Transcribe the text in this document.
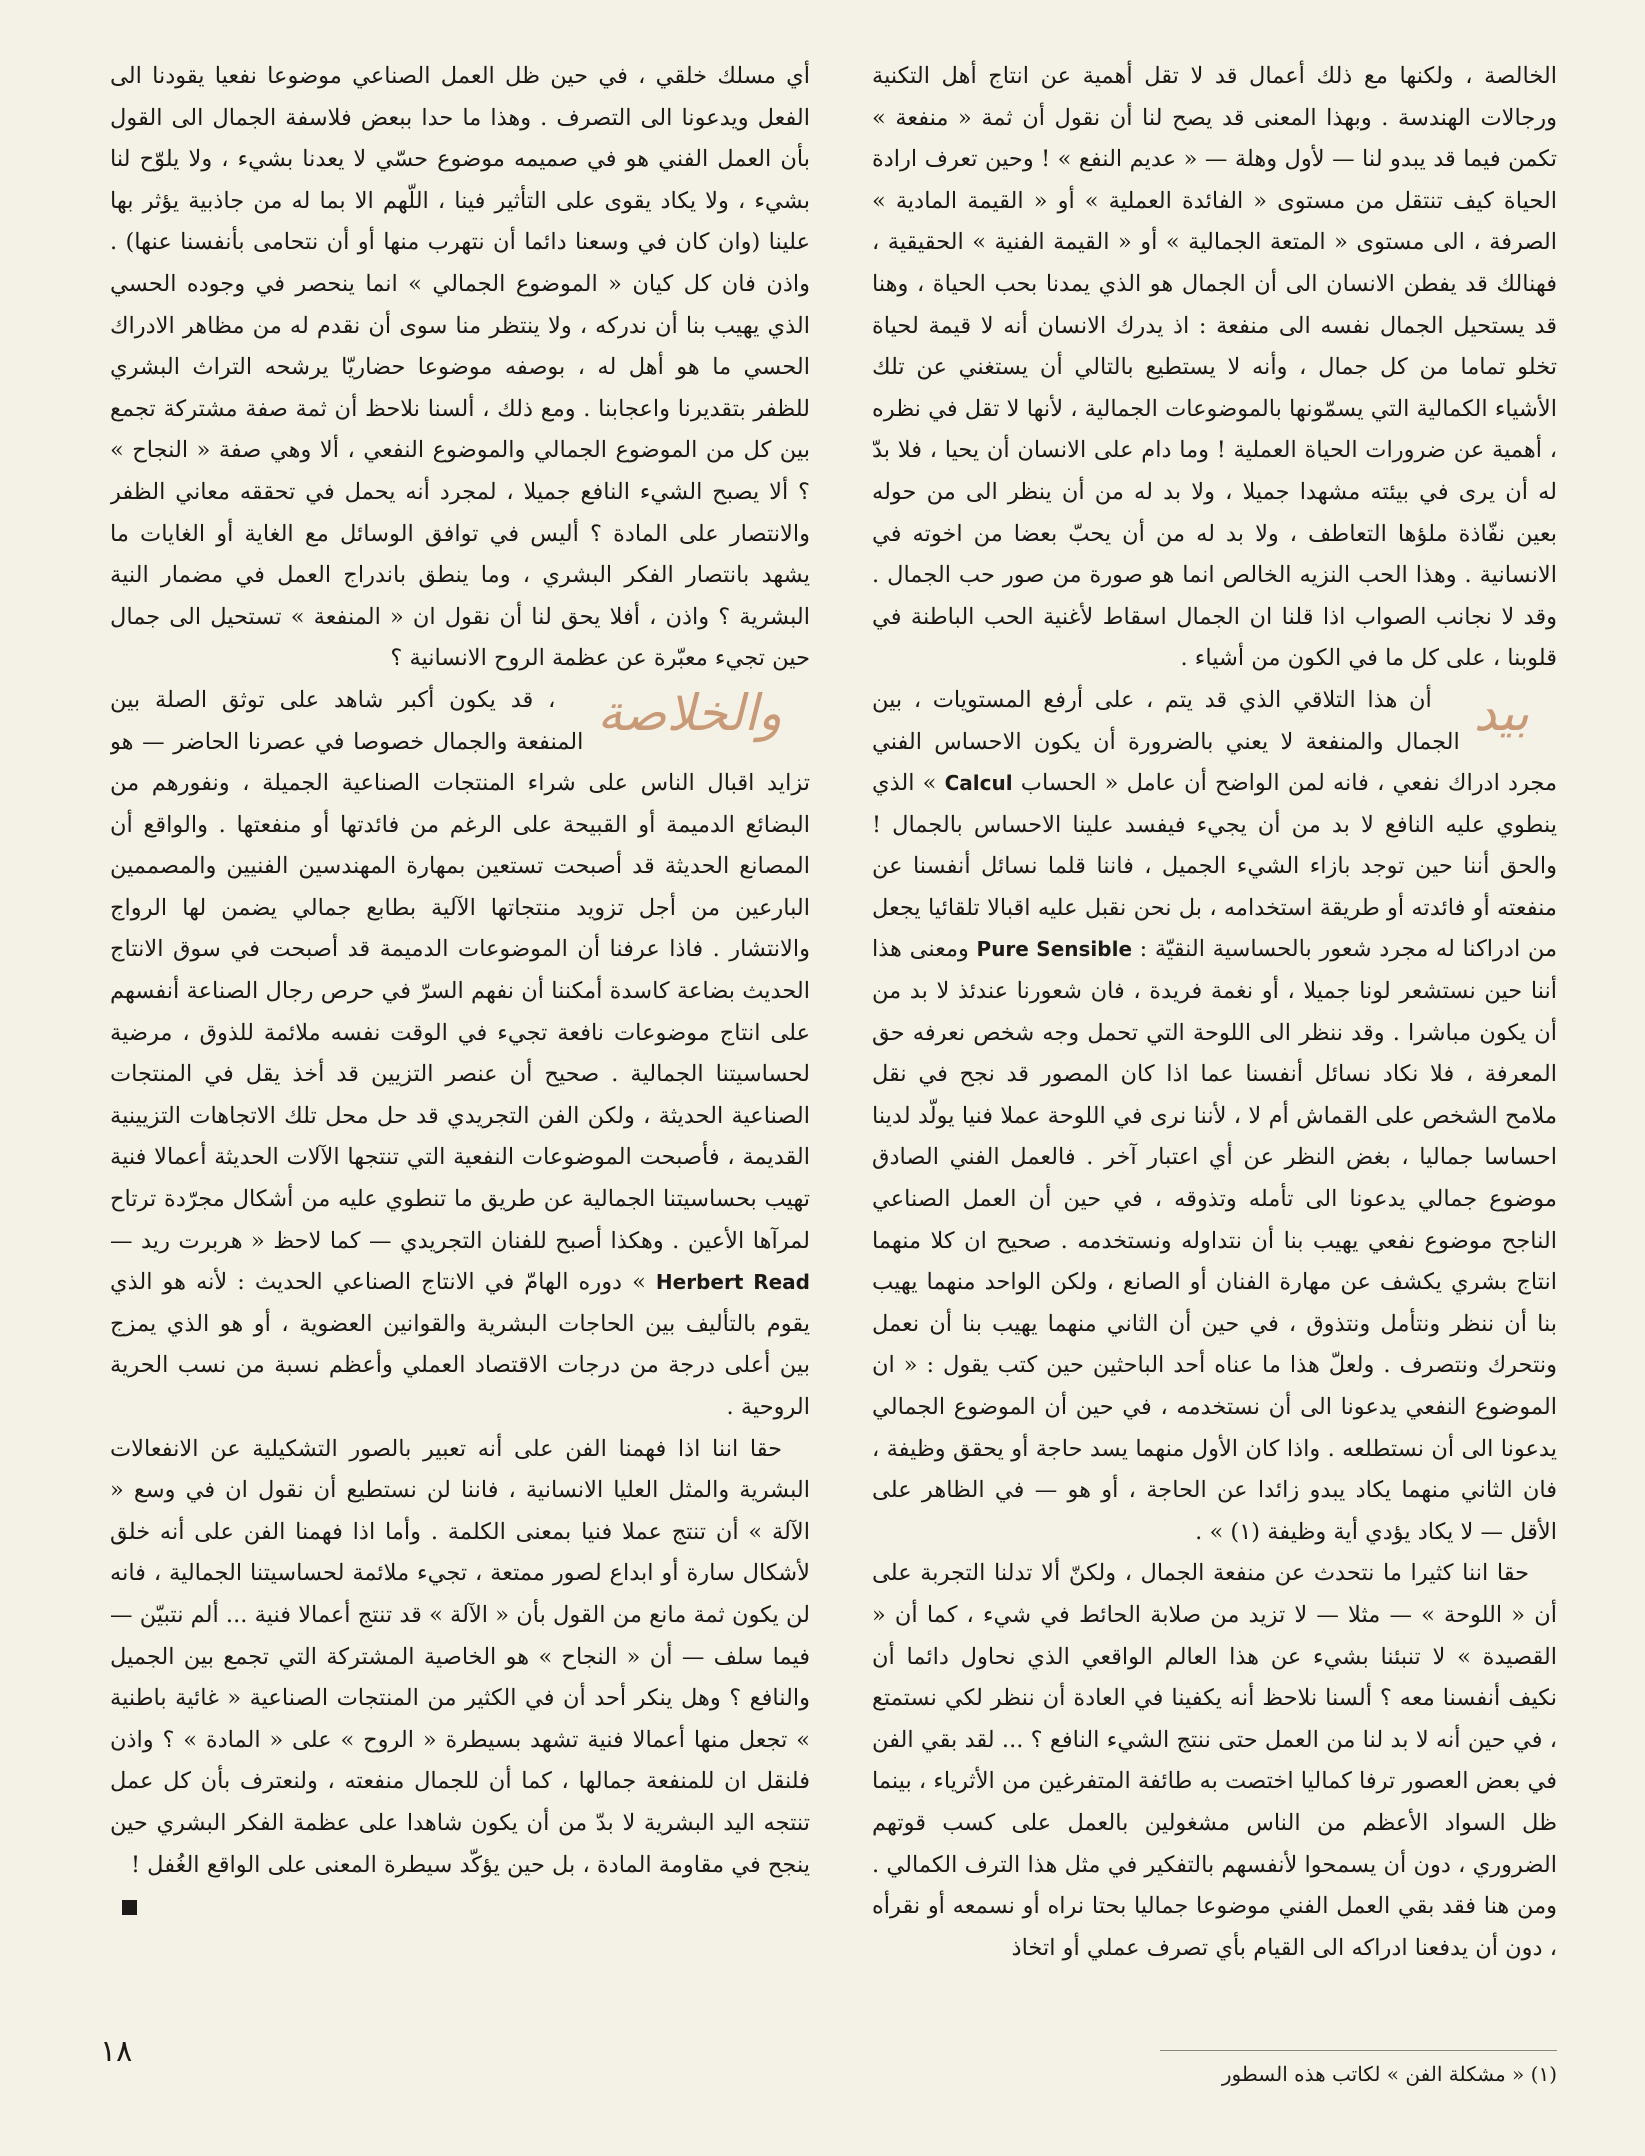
الخالصة ، ولكنها مع ذلك أعمال قد لا تقل أهمية عن انتاج أهل التكنية ورجالات الهندسة . وبهذا المعنى قد يصح لنا أن نقول أن ثمة « منفعة » تكمن فيما قد يبدو لنا — لأول وهلة — « عديم النفع » ! وحين تعرف ارادة الحياة كيف تنتقل من مستوى « الفائدة العملية » أو « القيمة المادية » الصرفة ، الى مستوى « المتعة الجمالية » أو « القيمة الفنية » الحقيقية ، فهنالك قد يفطن الانسان الى أن الجمال هو الذي يمدنا بحب الحياة ، وهنا قد يستحيل الجمال نفسه الى منفعة : اذ يدرك الانسان أنه لا قيمة لحياة تخلو تماما من كل جمال ، وأنه لا يستطيع بالتالي أن يستغني عن تلك الأشياء الكمالية التي يسمّونها بالموضوعات الجمالية ، لأنها لا تقل في نظره ، أهمية عن ضرورات الحياة العملية ! وما دام على الانسان أن يحيا ، فلا بدّ له أن يرى في بيئته مشهدا جميلا ، ولا بد له من أن ينظر الى من حوله بعين نفّاذة ملؤها التعاطف ، ولا بد له من أن يحبّ بعضا من اخوته في الانسانية . وهذا الحب النزيه الخالص انما هو صورة من صور حب الجمال . وقد لا نجانب الصواب اذا قلنا ان الجمال اسقاط لأغنية الحب الباطنة في قلوبنا ، على كل ما في الكون من أشياء .

بيد
أن هذا التلاقي الذي قد يتم ، على أرفع المستويات ، بين الجمال والمنفعة لا يعني بالضرورة أن يكون الاحساس الفني مجرد ادراك نفعي ، فانه لمن الواضح أن عامل « الحساب Calcul » الذي ينطوي عليه النافع لا بد من أن يجيء فيفسد علينا الاحساس بالجمال ! والحق أننا حين توجد بازاء الشيء الجميل ، فاننا قلما نسائل أنفسنا عن منفعته أو فائدته أو طريقة استخدامه ، بل نحن نقبل عليه اقبالا تلقائيا يجعل من ادراكنا له مجرد شعور بالحساسية النقيّة : Pure Sensible ومعنى هذا أننا حين نستشعر لونا جميلا ، أو نغمة فريدة ، فان شعورنا عندئذ لا بد من أن يكون مباشرا . وقد ننظر الى اللوحة التي تحمل وجه شخص نعرفه حق المعرفة ، فلا نكاد نسائل أنفسنا عما اذا كان المصور قد نجح في نقل ملامح الشخص على القماش أم لا ، لأننا نرى في اللوحة عملا فنيا يولّد لدينا احساسا جماليا ، بغض النظر عن أي اعتبار آخر . فالعمل الفني الصادق موضوع جمالي يدعونا الى تأمله وتذوقه ، في حين أن العمل الصناعي الناجح موضوع نفعي يهيب بنا أن نتداوله ونستخدمه . صحيح ان كلا منهما انتاج بشري يكشف عن مهارة الفنان أو الصانع ، ولكن الواحد منهما يهيب بنا أن ننظر ونتأمل ونتذوق ، في حين أن الثاني منهما يهيب بنا أن نعمل ونتحرك ونتصرف . ولعلّ هذا ما عناه أحد الباحثين حين كتب يقول : « ان الموضوع النفعي يدعونا الى أن نستخدمه ، في حين أن الموضوع الجمالي يدعونا الى أن نستطلعه . واذا كان الأول منهما يسد حاجة أو يحقق وظيفة ، فان الثاني منهما يكاد يبدو زائدا عن الحاجة ، أو هو — في الظاهر على الأقل — لا يكاد يؤدي أية وظيفة (١) » .

حقا اننا كثيرا ما نتحدث عن منفعة الجمال ، ولكنّ ألا تدلنا التجربة على أن « اللوحة » — مثلا — لا تزيد من صلابة الحائط في شيء ، كما أن « القصيدة » لا تنبئنا بشيء عن هذا العالم الواقعي الذي نحاول دائما أن نكيف أنفسنا معه ؟ ألسنا نلاحظ أنه يكفينا في العادة أن ننظر لكي نستمتع ، في حين أنه لا بد لنا من العمل حتى ننتج الشيء النافع ؟ ... لقد بقي الفن في بعض العصور ترفا كماليا اختصت به طائفة المتفرغين من الأثرياء ، بينما ظل السواد الأعظم من الناس مشغولين بالعمل على كسب قوتهم الضروري ، دون أن يسمحوا لأنفسهم بالتفكير في مثل هذا الترف الكمالي . ومن هنا فقد بقي العمل الفني موضوعا جماليا بحتا نراه أو نسمعه أو نقرأه ، دون أن يدفعنا ادراكه الى القيام بأي تصرف عملي أو اتخاذ

أي مسلك خلقي ، في حين ظل العمل الصناعي موضوعا نفعيا يقودنا الى الفعل ويدعونا الى التصرف . وهذا ما حدا ببعض فلاسفة الجمال الى القول بأن العمل الفني هو في صميمه موضوع حسّي لا يعدنا بشيء ، ولا يلوّح لنا بشيء ، ولا يكاد يقوى على التأثير فينا ، اللّهم الا بما له من جاذبية يؤثر بها علينا (وان كان في وسعنا دائما أن نتهرب منها أو أن نتحامى بأنفسنا عنها) . واذن فان كل كيان « الموضوع الجمالي » انما ينحصر في وجوده الحسي الذي يهيب بنا أن ندركه ، ولا ينتظر منا سوى أن نقدم له من مظاهر الادراك الحسي ما هو أهل له ، بوصفه موضوعا حضاريّا يرشحه التراث البشري للظفر بتقديرنا واعجابنا . ومع ذلك ، ألسنا نلاحظ أن ثمة صفة مشتركة تجمع بين كل من الموضوع الجمالي والموضوع النفعي ، ألا وهي صفة « النجاح » ؟ ألا يصبح الشيء النافع جميلا ، لمجرد أنه يحمل في تحققه معاني الظفر والانتصار على المادة ؟ أليس في توافق الوسائل مع الغاية أو الغايات ما يشهد بانتصار الفكر البشري ، وما ينطق باندراج العمل في مضمار النية البشرية ؟ واذن ، أفلا يحق لنا أن نقول ان « المنفعة » تستحيل الى جمال حين تجيء معبّرة عن عظمة الروح الانسانية ؟

والخلاصة
، قد يكون أكبر شاهد على توثق الصلة بين المنفعة والجمال خصوصا في عصرنا الحاضر — هو تزايد اقبال الناس على شراء المنتجات الصناعية الجميلة ، ونفورهم من البضائع الدميمة أو القبيحة على الرغم من فائدتها أو منفعتها . والواقع أن المصانع الحديثة قد أصبحت تستعين بمهارة المهندسين الفنيين والمصممين البارعين من أجل تزويد منتجاتها الآلية بطابع جمالي يضمن لها الرواج والانتشار . فاذا عرفنا أن الموضوعات الدميمة قد أصبحت في سوق الانتاج الحديث بضاعة كاسدة أمكننا أن نفهم السرّ في حرص رجال الصناعة أنفسهم على انتاج موضوعات نافعة تجيء في الوقت نفسه ملائمة للذوق ، مرضية لحساسيتنا الجمالية . صحيح أن عنصر التزيين قد أخذ يقل في المنتجات الصناعية الحديثة ، ولكن الفن التجريدي قد حل محل تلك الاتجاهات التزيينية القديمة ، فأصبحت الموضوعات النفعية التي تنتجها الآلات الحديثة أعمالا فنية تهيب بحساسيتنا الجمالية عن طريق ما تنطوي عليه من أشكال مجرّدة ترتاح لمرآها الأعين . وهكذا أصبح للفنان التجريدي — كما لاحظ « هربرت ريد — Herbert Read » دوره الهامّ في الانتاج الصناعي الحديث : لأنه هو الذي يقوم بالتأليف بين الحاجات البشرية والقوانين العضوية ، أو هو الذي يمزج بين أعلى درجة من درجات الاقتصاد العملي وأعظم نسبة من نسب الحرية الروحية .

حقا اننا اذا فهمنا الفن على أنه تعبير بالصور التشكيلية عن الانفعالات البشرية والمثل العليا الانسانية ، فاننا لن نستطيع أن نقول ان في وسع « الآلة » أن تنتج عملا فنيا بمعنى الكلمة . وأما اذا فهمنا الفن على أنه خلق لأشكال سارة أو ابداع لصور ممتعة ، تجيء ملائمة لحساسيتنا الجمالية ، فانه لن يكون ثمة مانع من القول بأن « الآلة » قد تنتج أعمالا فنية ... ألم نتبيّن — فيما سلف — أن « النجاح » هو الخاصية المشتركة التي تجمع بين الجميل والنافع ؟ وهل ينكر أحد أن في الكثير من المنتجات الصناعية « غائية باطنية » تجعل منها أعمالا فنية تشهد بسيطرة « الروح » على « المادة » ؟ واذن فلنقل ان للمنفعة جمالها ، كما أن للجمال منفعته ، ولنعترف بأن كل عمل تنتجه اليد البشرية لا بدّ من أن يكون شاهدا على عظمة الفكر البشري حين ينجح في مقاومة المادة ، بل حين يؤكّد سيطرة المعنى على الواقع الغُفل !

١٨
(١) « مشكلة الفن » لكاتب هذه السطور
